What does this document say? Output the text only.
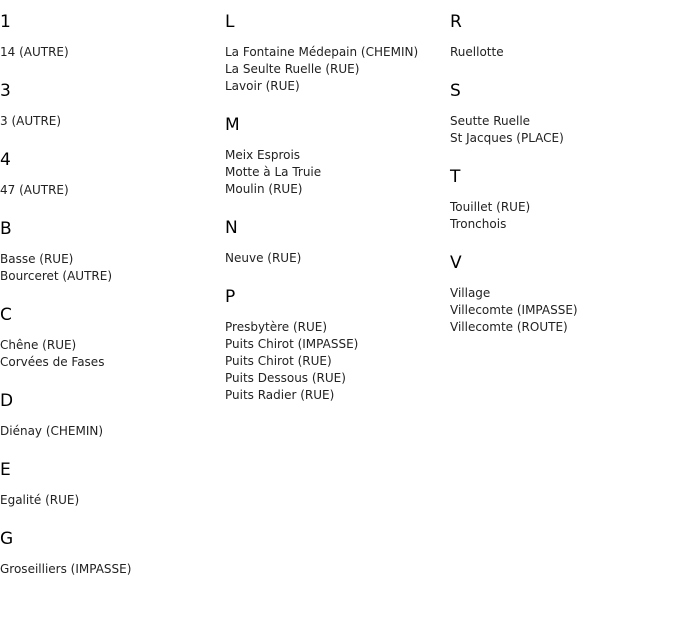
1
14 (AUTRE)
3
3 (AUTRE)
4
47 (AUTRE)
B
Basse (RUE)
Bourceret (AUTRE)
C
Chêne (RUE)
Corvées de Fases
D
Diénay (CHEMIN)
E
Egalité (RUE)
G
Groseilliers (IMPASSE)
L
La Fontaine Médepain (CHEMIN)
La Seulte Ruelle (RUE)
Lavoir (RUE)
M
Meix Esprois
Motte à La Truie
Moulin (RUE)
N
Neuve (RUE)
P
Presbytère (RUE)
Puits Chirot (IMPASSE)
Puits Chirot (RUE)
Puits Dessous (RUE)
Puits Radier (RUE)
R
Ruellotte
S
Seutte Ruelle
St Jacques (PLACE)
T
Touillet (RUE)
Tronchois
V
Village
Villecomte (IMPASSE)
Villecomte (ROUTE)
